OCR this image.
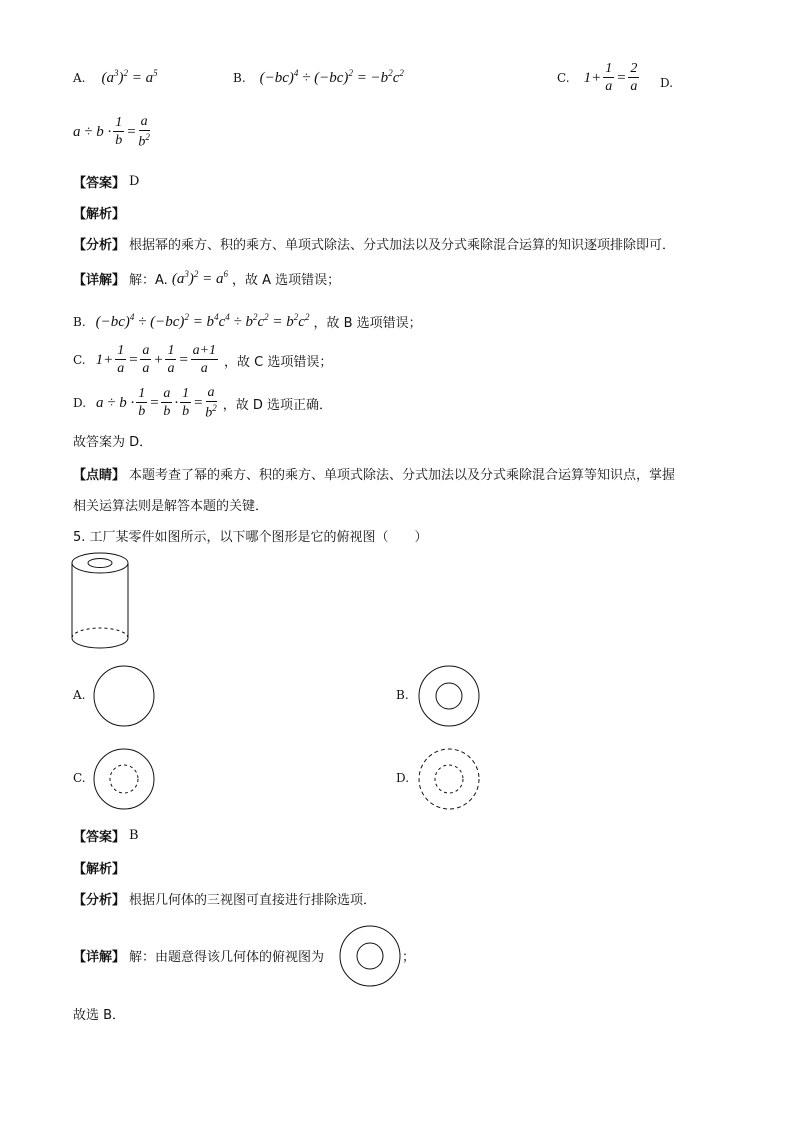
A. $(a^3)^2 = a^5$	B. $(-bc)^4 \div (-bc)^2 = -b^2c^2$	C. $1+ \frac{1}{a} = \frac{2}{a} D$.
$a \div b \cdot \frac{1}{b} = \frac{a}{b^2}$
【答案】 D
【解析】
【分析】 根据幂的乘方、积的乘方、单项式除法、分式加法以及分式乘除混合运算的知识逐项排除即可．
【详解】 解：A. $(a^3)^2 = a^6$ ，故 A 选项错误；
B. $(-bc)^4 \div (-bc)^2 = b^4c^4 \div b^2c^2 = b^2c^2$ ，故 B 选项错误；
C. $1+ \frac{1}{a} = \frac{a}{a} + \frac{1}{a} = \frac{a+1}{a}$ ，故 C 选项错误；
D. $a \div b \cdot \frac{1}{b} = \frac{a}{b} \cdot \frac{1}{b} = \frac{a}{b^2}$ ，故 D 选项正确．
故答案为 D．
【点睛】 本题考查了幂的乘方、积的乘方、单项式除法、分式加法以及分式乘除混合运算等知识点，掌握
相关运算法则是解答本题的关键．
5. 工厂某零件如图所示，以下哪个图形是它的俯视图（　　）
A.	B.
C.	D.
【答案】 B
【解析】
【分析】 根据几何体的三视图可直接进行排除选项．
【详解】 解：由题意得该几何体的俯视图为	；
故选 B．
